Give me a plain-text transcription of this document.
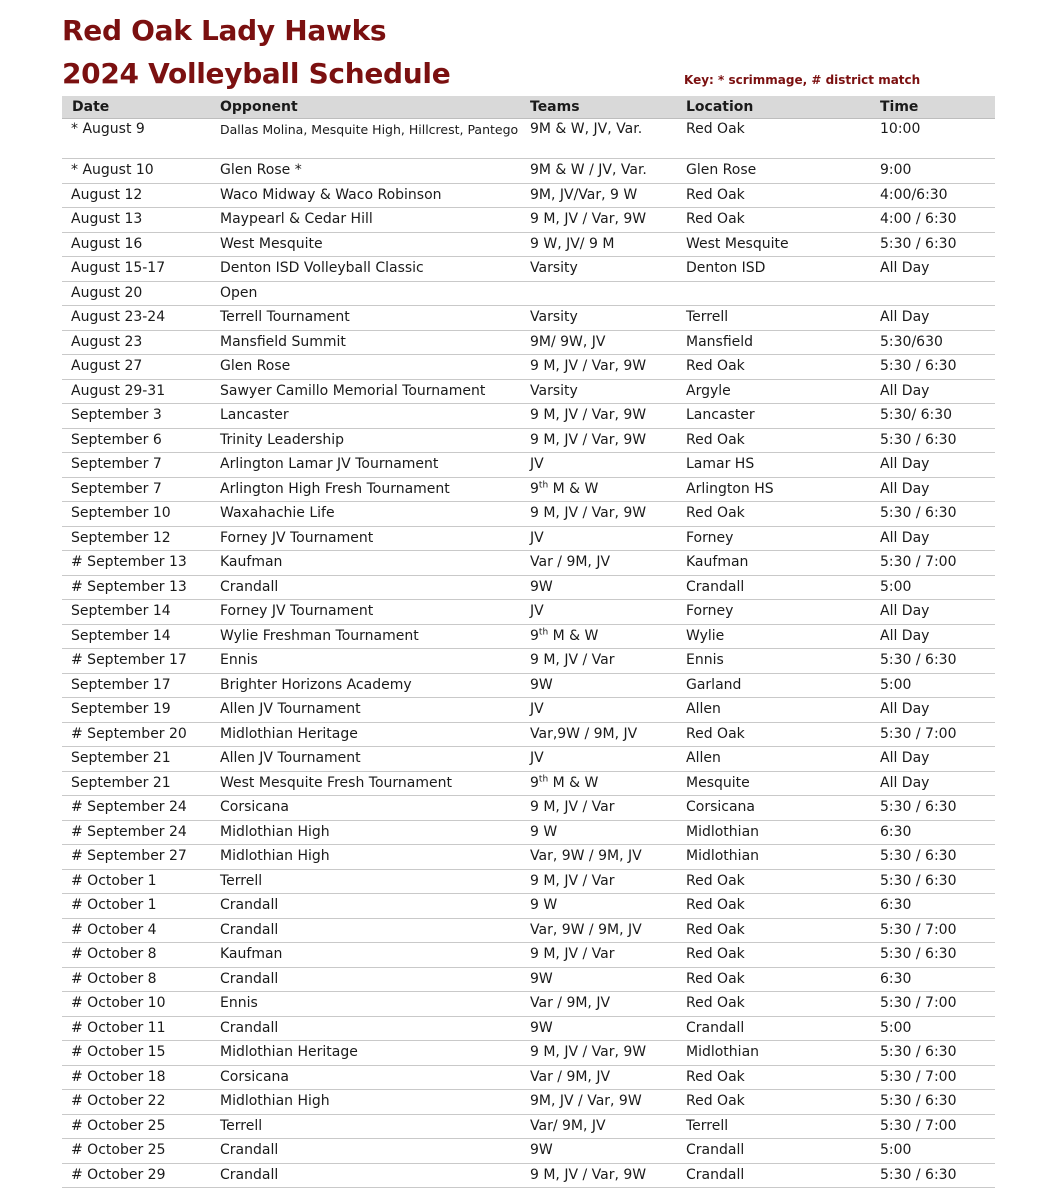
Red Oak Lady Hawks
2024 Volleyball Schedule	Key: * scrimmage, # district match

Date	Opponent	Teams	Location	Time
* August 9	Dallas Molina, Mesquite High, Hillcrest, Pantego	9M & W, JV, Var.	Red Oak	10:00
* August 10	Glen Rose *	9M & W / JV, Var.	Glen Rose	9:00
August 12	Waco Midway & Waco Robinson	9M, JV/Var, 9 W	Red Oak	4:00/6:30
August 13	Maypearl & Cedar Hill	9 M, JV / Var, 9W	Red Oak	4:00 / 6:30
August 16	West Mesquite	9 W, JV/ 9 M	West Mesquite	5:30 / 6:30
August 15-17	Denton ISD Volleyball Classic	Varsity	Denton ISD	All Day
August 20	Open			
August 23-24	Terrell Tournament	Varsity	Terrell	All Day
August 23	Mansfield Summit	9M/ 9W, JV	Mansfield	5:30/630
August 27	Glen Rose	9 M, JV / Var, 9W	Red Oak	5:30 / 6:30
August 29-31	Sawyer Camillo Memorial Tournament	Varsity	Argyle	All Day
September 3	Lancaster	9 M, JV / Var, 9W	Lancaster	5:30/ 6:30
September 6	Trinity Leadership	9 M, JV / Var, 9W	Red Oak	5:30 / 6:30
September 7	Arlington Lamar JV Tournament	JV	Lamar HS	All Day
September 7	Arlington High Fresh Tournament	9th M & W	Arlington HS	All Day
September 10	Waxahachie Life	9 M, JV / Var, 9W	Red Oak	5:30 / 6:30
September 12	Forney JV Tournament	JV	Forney	All Day
# September 13	Kaufman	Var / 9M, JV	Kaufman	5:30 / 7:00
# September 13	Crandall	9W	Crandall	5:00
September 14	Forney JV Tournament	JV	Forney	All Day
September 14	Wylie Freshman Tournament	9th M & W	Wylie	All Day
# September 17	Ennis	9 M, JV / Var	Ennis	5:30 / 6:30
September 17	Brighter Horizons Academy	9W	Garland	5:00
September 19	Allen JV Tournament	JV	Allen	All Day
# September 20	Midlothian Heritage	Var,9W / 9M, JV	Red Oak	5:30 / 7:00
September 21	Allen JV Tournament	JV	Allen	All Day
September 21	West Mesquite Fresh Tournament	9th M & W	Mesquite	All Day
# September 24	Corsicana	9 M, JV / Var	Corsicana	5:30 / 6:30
# September 24	Midlothian High	9 W	Midlothian	6:30
# September 27	Midlothian High	Var, 9W / 9M, JV	Midlothian	5:30 / 6:30
# October 1	Terrell	9 M, JV / Var	Red Oak	5:30 / 6:30
# October 1	Crandall	9 W	Red Oak	6:30
# October 4	Crandall	Var, 9W / 9M, JV	Red Oak	5:30 / 7:00
# October 8	Kaufman	9 M, JV / Var	Red Oak	5:30 / 6:30
# October 8	Crandall	9W	Red Oak	6:30
# October 10	Ennis	Var / 9M, JV	Red Oak	5:30 / 7:00
# October 11	Crandall	9W	Crandall	5:00
# October 15	Midlothian Heritage	9 M, JV / Var, 9W	Midlothian	5:30 / 6:30
# October 18	Corsicana	Var / 9M, JV	Red Oak	5:30 / 7:00
# October 22	Midlothian High	9M, JV / Var, 9W	Red Oak	5:30 / 6:30
# October 25	Terrell	Var/ 9M, JV	Terrell	5:30 / 7:00
# October 25	Crandall	9W	Crandall	5:00
# October 29	Crandall	9 M, JV / Var, 9W	Crandall	5:30 / 6:30
